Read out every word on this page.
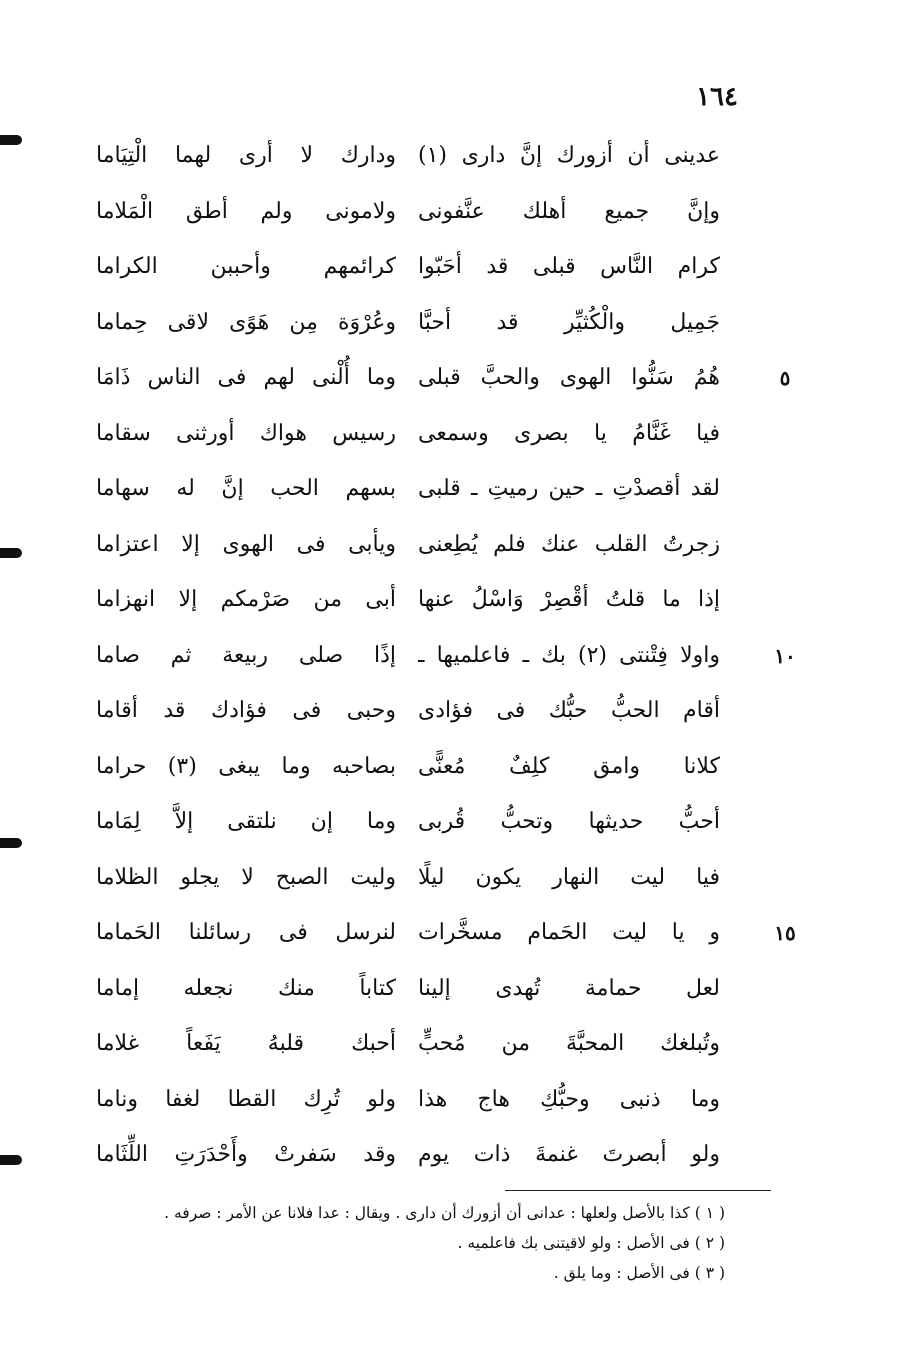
١٦٤
عدينى أن أزورك إنَّ دارى (١)
ودارك لا أرى لهما الْتِيَاما
وإنَّ جميع أهلك عنَّفونى
ولامونى ولم أطق الْمَلاما
كرام النَّاس قبلى قد أحَبّوا
كرائمهم وأحببن الكراما
جَمِيل والْكُثيِّر قد أحبَّا
وعُرْوَة مِن هَوًى لاقى حِماما
٥
هُمُ سَنُّوا الهوى والحبَّ قبلى
وما أُلْنى لهم فى الناس ذَامَا
فيا غَنَّامُ يا بصرى وسمعى
رسيس هواك أورثنى سقاما
لقد أقصدْتِ ـ حين رميتِ ـ قلبى
بسهم الحب إنَّ له سهاما
زجرتُ القلب عنك فلم يُطِعنى
ويأبى فى الهوى إلا اعتزاما
إذا ما قلتُ أقْصِرْ وَاسْلُ عنها
أبى من صَرْمكم إلا انهزاما
١٠
واولا فِتْنتى (٢) بك ـ فاعلميها ـ
إذًا صلى ربيعة ثم صاما
أقام الحبُّ حبُّك فى فؤادى
وحبى فى فؤادك قد أقاما
كلانا وامق كلِفٌ مُعنًّى
بصاحبه وما يبغى (٣) حراما
أحبُّ حديثها وتحبُّ قُربى
وما إن نلتقى إلاَّ لِمَاما
فيا ليت النهار يكون ليلًا
وليت الصبح لا يجلو الظلاما
١٥
و يا ليت الحَمام مسخَّرات
لنرسل فى رسائلنا الحَماما
لعل حمامة تُهدى إلينا
كتاباً منك نجعله إماما
وتُبلغك المحبَّةَ من مُحبٍّ
أحبك قلبهُ يَفَعاً غلاما
وما ذنبى وحبُّكِ هاج هذا
ولو تُرِك القطا لغفا وناما
ولو أبصرتَ غنمةَ ذات يوم
وقد سَفرتْ وأَحْدَرَتِ اللِّثَاما
( ١ ) كذا بالأصل ولعلها : عدانى أن أزورك أن دارى . ويقال : عدا فلانا عن الأمر : صرفه .
( ٢ ) فى الأصل : ولو لاقيتنى بك فاعلميه .
( ٣ ) فى الأصل : وما يلق .
